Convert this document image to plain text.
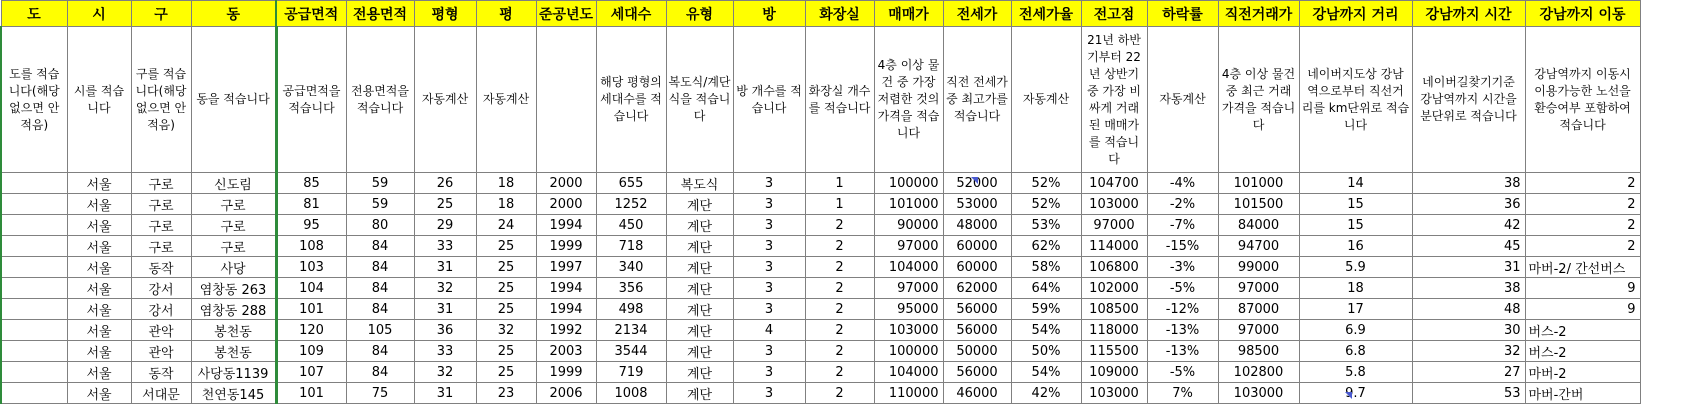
도	시	구	동	공급면적	전용면적	평형	평	준공년도	세대수	유형	방	화장실	매매가	전세가	전세가율	전고점	하락률	직전거래가	강남까지 거리	강남까지 시간	강남까지 이동
도를 적습니다(해당없으면 안적음)	시를 적습니다	구를 적습니다(해당없으면 안적음)	동을 적습니다	공급면적을 적습니다	전용면적을 적습니다	자동계산	자동계산		해당 평형의 세대수를 적습니다	복도식/계단식을 적습니다	방 개수를 적습니다	화장실 개수를 적습니다	4층 이상 물건 중 가장 저렴한 것의 가격을 적습니다	직전 전세가 중 최고가를 적습니다	자동계산	21년 하반기부터 22년 상반기중 가장 비싸게 거래된 매매가를 적습니다	자동계산	4층 이상 물건 중 최근 거래가격을 적습니다	네이버지도상 강남역으로부터 직선거리를 km단위로 적습니다	네이버길찾기기준 강남역까지 시간을 분단위로 적습니다	강남역까지 이동시 이용가능한 노선을 환승여부 포함하여 적습니다
	서울	구로	신도림	85	59	26	18	2000	655	복도식	3	1	100000	52000	52%	104700	-4%	101000	14	38	2
	서울	구로	구로	81	59	25	18	2000	1252	계단	3	1	101000	53000	52%	103000	-2%	101500	15	36	2
	서울	구로	구로	95	80	29	24	1994	450	계단	3	2	90000	48000	53%	97000	-7%	84000	15	42	2
	서울	구로	구로	108	84	33	25	1999	718	계단	3	2	97000	60000	62%	114000	-15%	94700	16	45	2
	서울	동작	사당	103	84	31	25	1997	340	계단	3	2	104000	60000	58%	106800	-3%	99000	5.9	31	마버-2/ 간선버스
	서울	강서	염창동 263	104	84	32	25	1994	356	계단	3	2	97000	62000	64%	102000	-5%	97000	18	38	9
	서울	강서	염창동 288	101	84	31	25	1994	498	계단	3	2	95000	56000	59%	108500	-12%	87000	17	48	9
	서울	관악	봉천동	120	105	36	32	1992	2134	계단	4	2	103000	56000	54%	118000	-13%	97000	6.9	30	버스-2
	서울	관악	봉천동	109	84	33	25	2003	3544	계단	3	2	100000	50000	50%	115500	-13%	98500	6.8	32	버스-2
	서울	동작	사당동1139	107	84	32	25	1999	719	계단	3	2	104000	56000	54%	109000	-5%	102800	5.8	27	마버-2
	서울	서대문	천연동145	101	75	31	23	2006	1008	계단	3	2	110000	46000	42%	103000	7%	103000	9.7	53	마버-간버
